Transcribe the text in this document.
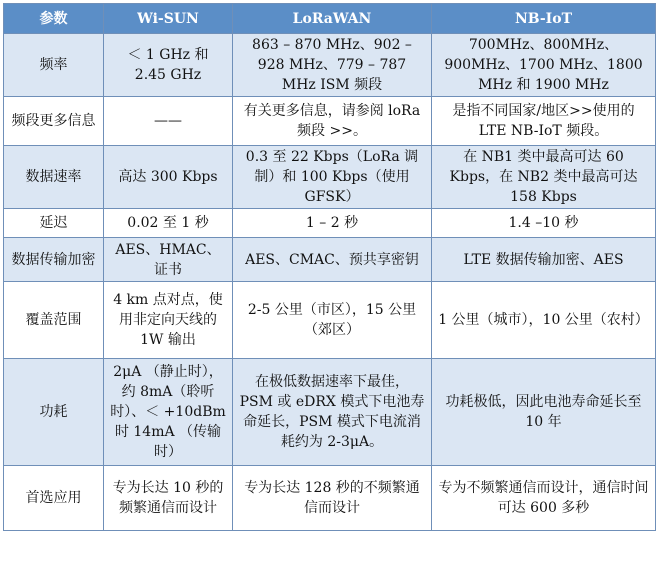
参数	Wi-SUN	LoRaWAN	NB-IoT
频率	＜ 1 GHz 和 2.45 GHz	863 – 870 MHz、902 – 928 MHz、779 – 787 MHz ISM 频段	700MHz、800MHz、900MHz、1700 MHz、1800 MHz 和 1900 MHz
频段更多信息	——	有关更多信息，请参阅 loRa 频段 >>。	是指不同国家/地区>>使用的 LTE NB-IoT 频段。
数据速率	高达 300 Kbps	0.3 至 22 Kbps（LoRa 调制）和 100 Kbps（使用 GFSK）	在 NB1 类中最高可达 60 Kbps，在 NB2 类中最高可达 158 Kbps
延迟	0.02 至 1 秒	1 – 2 秒	1.4 –10 秒
数据传输加密	AES、HMAC、证书	AES、CMAC、预共享密钥	LTE 数据传输加密、AES
覆盖范围	4 km 点对点，使用非定向天线的 1W 输出	2-5 公里（市区），15 公里（郊区）	1 公里（城市），10 公里（农村）
功耗	2μA （静止时），约 8mA（聆听时）、＜ +10dBm 时 14mA （传输时）	在极低数据速率下最佳，PSM 或 eDRX 模式下电池寿命延长，PSM 模式下电流消耗约为 2-3μA。	功耗极低，因此电池寿命延长至 10 年
首选应用	专为长达 10 秒的频繁通信而设计	专为长达 128 秒的不频繁通信而设计	专为不频繁通信而设计，通信时间可达 600 多秒
